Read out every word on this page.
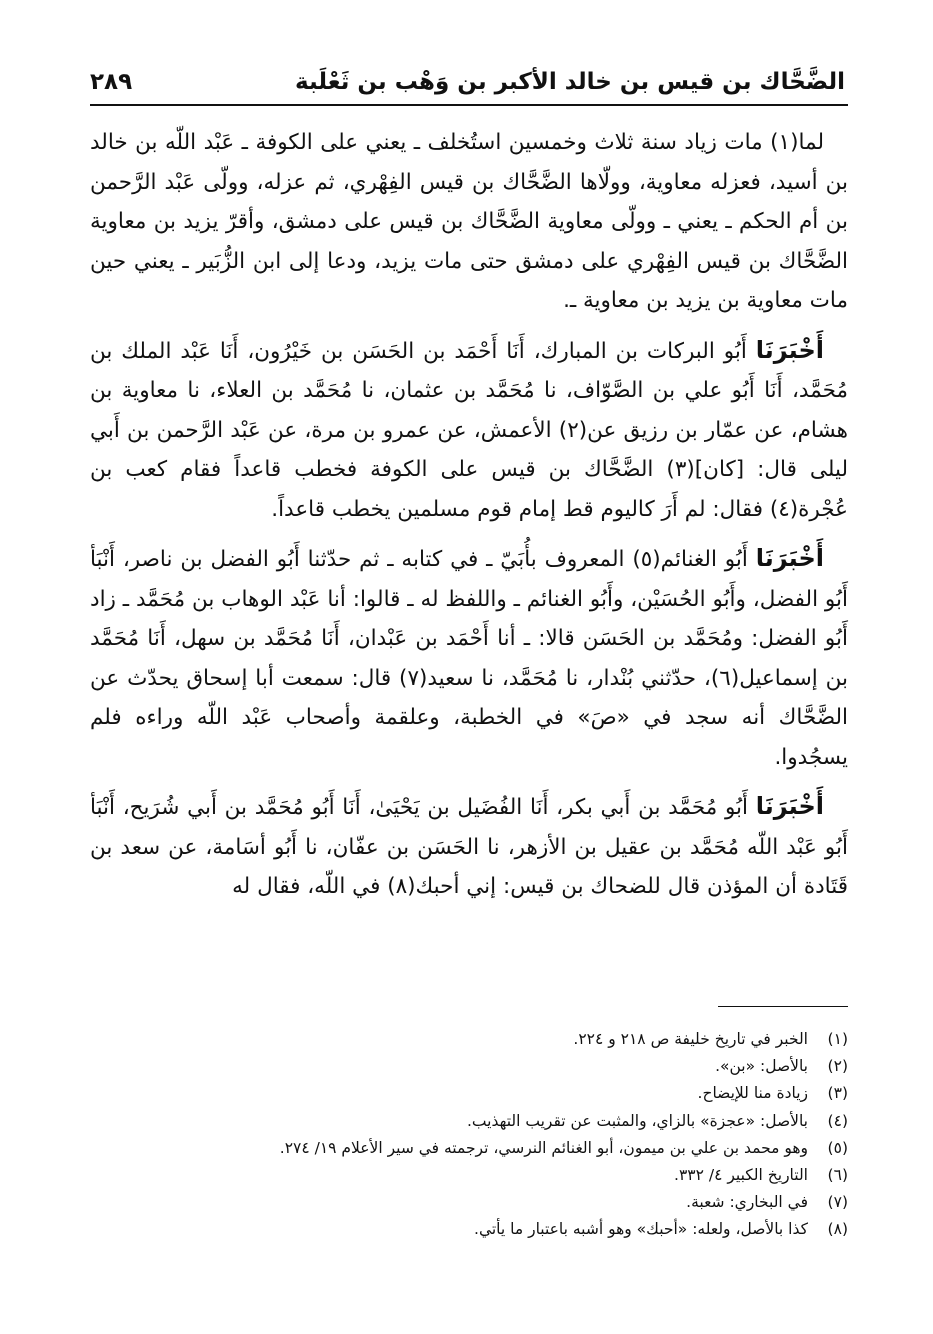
الضَّحَّاك بن قيس بن خالد الأكبر بن وَهْب بن ثَعْلَبة
٢٨٩

لما(١) مات زياد سنة ثلاث وخمسين استُخلف ـ يعني على الكوفة ـ عَبْد اللّه بن خالد بن أسيد، فعزله معاوية، وولّاها الضَّحَّاك بن قيس الفِهْري، ثم عزله، وولّى عَبْد الرَّحمن بن أم الحكم ـ يعني ـ وولّى معاوية الضَّحَّاك بن قيس على دمشق، وأقرّ يزيد بن معاوية الضَّحَّاك بن قيس الفِهْري على دمشق حتى مات يزيد، ودعا إلى ابن الزُّبَير ـ يعني حين مات معاوية بن يزيد بن معاوية ـ.

أَخْبَرَنَا أَبُو البركات بن المبارك، أَنَا أَحْمَد بن الحَسَن بن خَيْرُون، أَنَا عَبْد الملك بن مُحَمَّد، أَنَا أَبُو علي بن الصَّوّاف، نا مُحَمَّد بن عثمان، نا مُحَمَّد بن العلاء، نا معاوية بن هشام، عن عمّار بن رزيق عن(٢) الأعمش، عن عمرو بن مرة، عن عَبْد الرَّحمن بن أَبي ليلى قال: [كان](٣) الضَّحَّاك بن قيس على الكوفة فخطب قاعداً فقام كعب بن عُجْرة(٤) فقال: لم أَرَ كاليوم قط إمام قوم مسلمين يخطب قاعداً.

أَخْبَرَنَا أَبُو الغنائم(٥) المعروف بأُبَيّ ـ في كتابه ـ ثم حدّثنا أَبُو الفضل بن ناصر، أَنْبَأ أَبُو الفضل، وأَبُو الحُسَيْن، وأَبُو الغنائم ـ واللفظ له ـ قالوا: أنا عَبْد الوهاب بن مُحَمَّد ـ زاد أَبُو الفضل: ومُحَمَّد بن الحَسَن قالا: ـ أنا أَحْمَد بن عَبْدان، أَنَا مُحَمَّد بن سهل، أَنَا مُحَمَّد بن إسماعيل(٦)، حدّثني بُنْدار، نا مُحَمَّد، نا سعيد(٧) قال: سمعت أبا إسحاق يحدّث عن الضَّحَّاك أنه سجد في «صَ» في الخطبة، وعلقمة وأصحاب عَبْد اللّه وراءه فلم يسجُدوا.

أَخْبَرَنَا أَبُو مُحَمَّد بن أَبي بكر، أَنَا الفُضَيل بن يَحْيَىٰ، أَنَا أَبُو مُحَمَّد بن أَبي شُرَيح، أَنْبَأ أَبُو عَبْد اللّه مُحَمَّد بن عقيل بن الأزهر، نا الحَسَن بن عفّان، نا أَبُو أسَامة، عن سعد بن قَتَادة أن المؤذن قال للضحاك بن قيس: إني أحبك(٨) في اللّه، فقال له

(١)
الخبر في تاريخ خليفة ص ٢١٨ و ٢٢٤.
(٢)
بالأصل: «بن».
(٣)
زيادة منا للإيضاح.
(٤)
بالأصل: «عجزة» بالزاي، والمثبت عن تقريب التهذيب.
(٥)
وهو محمد بن علي بن ميمون، أبو الغنائم النرسي، ترجمته في سير الأعلام ١٩/ ٢٧٤.
(٦)
التاريخ الكبير ٤/ ٣٣٢.
(٧)
في البخاري: شعبة.
(٨)
كذا بالأصل، ولعله: «أحبك» وهو أشبه باعتبار ما يأتي.
